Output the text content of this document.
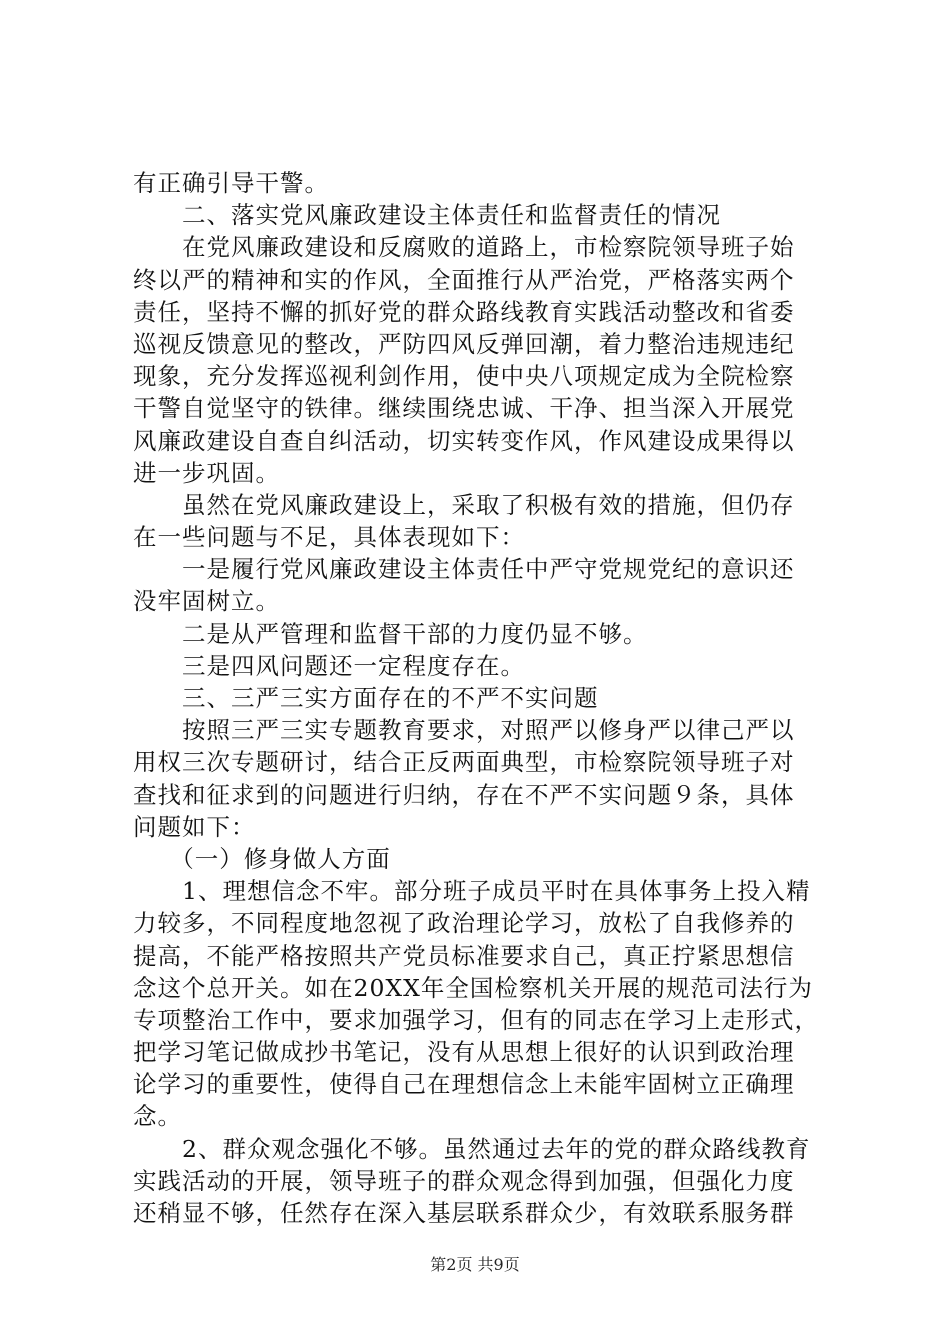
有正确引导干警。
　　二、落实党风廉政建设主体责任和监督责任的情况
　　在党风廉政建设和反腐败的道路上，市检察院领导班子始
终以严的精神和实的作风，全面推行从严治党，严格落实两个
责任，坚持不懈的抓好党的群众路线教育实践活动整改和省委
巡视反馈意见的整改，严防四风反弹回潮，着力整治违规违纪
现象，充分发挥巡视利剑作用，使中央八项规定成为全院检察
干警自觉坚守的铁律。继续围绕忠诚、干净、担当深入开展党
风廉政建设自查自纠活动，切实转变作风，作风建设成果得以
进一步巩固。
　　虽然在党风廉政建设上，采取了积极有效的措施，但仍存
在一些问题与不足，具体表现如下：
　　一是履行党风廉政建设主体责任中严守党规党纪的意识还
没牢固树立。
　　二是从严管理和监督干部的力度仍显不够。
　　三是四风问题还一定程度存在。
　　三、三严三实方面存在的不严不实问题
　　按照三严三实专题教育要求，对照严以修身严以律己严以
用权三次专题研讨，结合正反两面典型，市检察院领导班子对
查找和征求到的问题进行归纳，存在不严不实问题９条，具体
问题如下：
　　（一）修身做人方面
　　1、理想信念不牢。部分班子成员平时在具体事务上投入精
力较多，不同程度地忽视了政治理论学习，放松了自我修养的
提高，不能严格按照共产党员标准要求自己，真正拧紧思想信
念这个总开关。如在20XX年全国检察机关开展的规范司法行为
专项整治工作中，要求加强学习，但有的同志在学习上走形式，
把学习笔记做成抄书笔记，没有从思想上很好的认识到政治理
论学习的重要性，使得自己在理想信念上未能牢固树立正确理
念。
　　2、群众观念强化不够。虽然通过去年的党的群众路线教育
实践活动的开展，领导班子的群众观念得到加强，但强化力度
还稍显不够，任然存在深入基层联系群众少，有效联系服务群
第2页 共9页
